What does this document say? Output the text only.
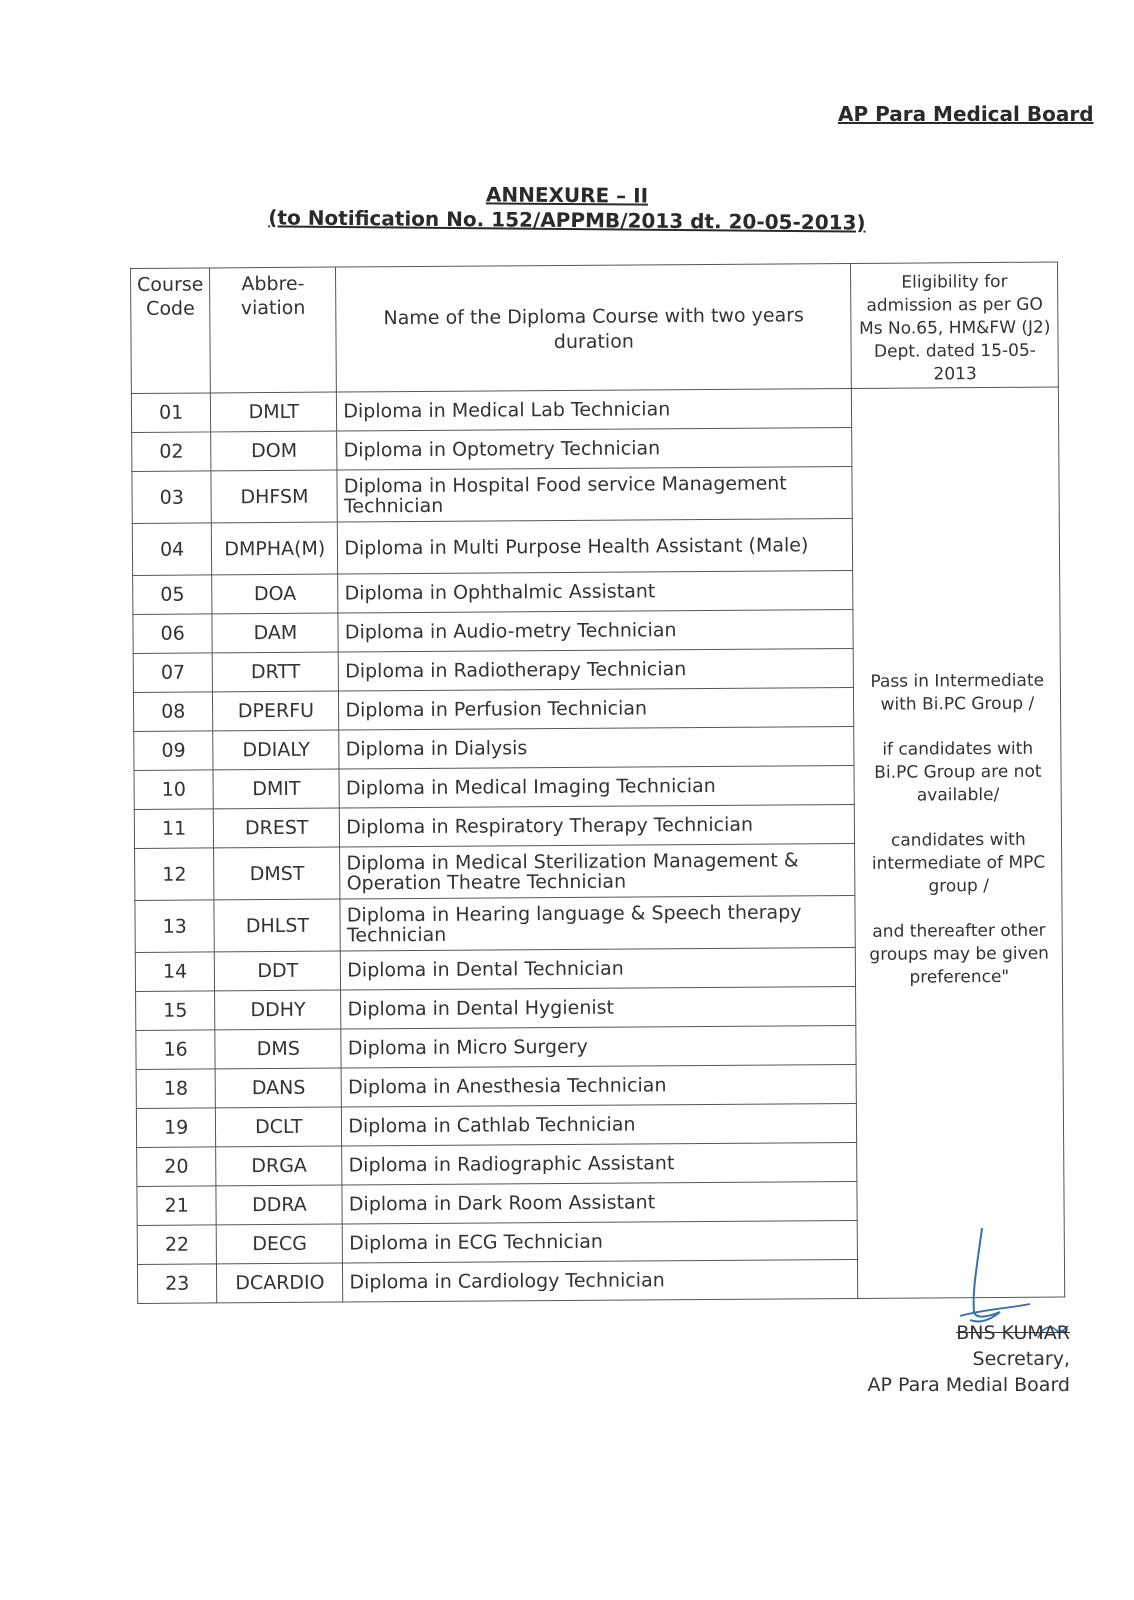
AP Para Medical Board
ANNEXURE – II
(to Notification No. 152/APPMB/2013 dt. 20-05-2013)
Course Code	Abbre- viation	Name of the Diploma Course with two years duration	Eligibility for admission as per GO Ms No.65, HM&FW (J2) Dept. dated 15-05-2013
01	DMLT	Diploma in Medical Lab Technician	Pass in Intermediate with Bi.PC Group /

if candidates with Bi.PC Group are not available/

candidates with intermediate of MPC group /

and thereafter other groups may be given preference"

02	DOM	Diploma in Optometry Technician	
03	DHFSM	Diploma in Hospital Food service Management Technician	
04	DMPHA(M)	Diploma in Multi Purpose Health Assistant (Male)	
05	DOA	Diploma in Ophthalmic Assistant	
06	DAM	Diploma in Audio-metry Technician	
07	DRTT	Diploma in Radiotherapy Technician	
08	DPERFU	Diploma in Perfusion Technician	
09	DDIALY	Diploma in Dialysis	
10	DMIT	Diploma in Medical Imaging Technician	
11	DREST	Diploma in Respiratory Therapy Technician	
12	DMST	Diploma in Medical Sterilization Management & Operation Theatre Technician	
13	DHLST	Diploma in Hearing language & Speech therapy Technician	
14	DDT	Diploma in Dental Technician	
15	DDHY	Diploma in Dental Hygienist	
16	DMS	Diploma in Micro Surgery	
18	DANS	Diploma in Anesthesia Technician	
19	DCLT	Diploma in Cathlab Technician	
20	DRGA	Diploma in Radiographic Assistant	
21	DDRA	Diploma in Dark Room Assistant	
22	DECG	Diploma in ECG Technician	
23	DCARDIO	Diploma in Cardiology Technician	
BNS KUMAR
Secretary,
AP Para Medial Board
